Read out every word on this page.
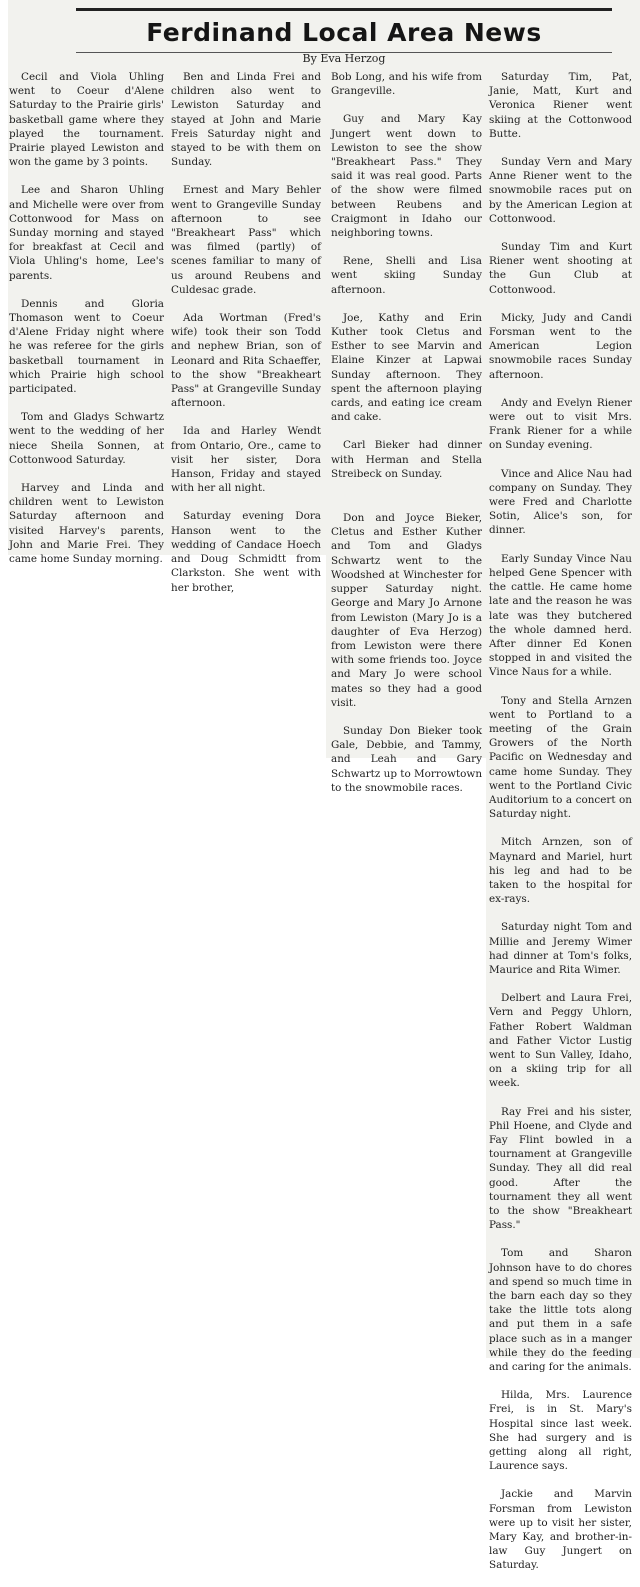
Ferdinand Local Area News
By Eva Herzog

Cecil and Viola Uhling went to Coeur d'Alene Saturday to the Prairie girls' basketball game where they played the tournament. Prairie played Lewiston and won the game by 3 points.

Lee and Sharon Uhling and Michelle were over from Cottonwood for Mass on Sunday morning and stayed for breakfast at Cecil and Viola Uhling's home, Lee's parents.

Dennis and Gloria Thomason went to Coeur d'Alene Friday night where he was referee for the girls basketball tournament in which Prairie high school participated.

Tom and Gladys Schwartz went to the wedding of her niece Sheila Sonnen, at Cottonwood Saturday.

Harvey and Linda and children went to Lewiston Saturday afternoon and visited Harvey's parents, John and Marie Frei. They came home Sunday morning.

Ben and Linda Frei and children also went to Lewiston Saturday and stayed at John and Marie Freis Saturday night and stayed to be with them on Sunday.

Ernest and Mary Behler went to Grangeville Sunday afternoon to see "Breakheart Pass" which was filmed (partly) of scenes familiar to many of us around Reubens and Culdesac grade.

Ada Wortman (Fred's wife) took their son Todd and nephew Brian, son of Leonard and Rita Schaeffer, to the show "Breakheart Pass" at Grangeville Sunday afternoon.

Ida and Harley Wendt from Ontario, Ore., came to visit her sister, Dora Hanson, Friday and stayed with her all night.

Saturday evening Dora Hanson went to the wedding of Candace Hoech and Doug Schmidtt from Clarkston. She went with her brother,

Bob Long, and his wife from Grangeville.

Guy and Mary Kay Jungert went down to Lewiston to see the show "Breakheart Pass." They said it was real good. Parts of the show were filmed between Reubens and Craigmont in Idaho our neighboring towns.

Rene, Shelli and Lisa went skiing Sunday afternoon.

Joe, Kathy and Erin Kuther took Cletus and Esther to see Marvin and Elaine Kinzer at Lapwai Sunday afternoon. They spent the afternoon playing cards, and eating ice cream and cake.

Carl Bieker had dinner with Herman and Stella Streibeck on Sunday.

Don and Joyce Bieker, Cletus and Esther Kuther and Tom and Gladys Schwartz went to the Woodshed at Winchester for supper Saturday night. George and Mary Jo Arnone from Lewiston (Mary Jo is a daughter of Eva Herzog) from Lewiston were there with some friends too. Joyce and Mary Jo were school mates so they had a good visit.

Sunday Don Bieker took Gale, Debbie, and Tammy, and Leah and Gary Schwartz up to Morrowtown to the snowmobile races.

Saturday Tim, Pat, Janie, Matt, Kurt and Veronica Riener went skiing at the Cottonwood Butte.

Sunday Vern and Mary Anne Riener went to the snowmobile races put on by the American Legion at Cottonwood.

Sunday Tim and Kurt Riener went shooting at the Gun Club at Cottonwood.

Micky, Judy and Candi Forsman went to the American Legion snowmobile races Sunday afternoon.

Andy and Evelyn Riener were out to visit Mrs. Frank Riener for a while on Sunday evening.

Vince and Alice Nau had company on Sunday. They were Fred and Charlotte Sotin, Alice's son, for dinner.

Early Sunday Vince Nau helped Gene Spencer with the cattle. He came home late and the reason he was late was they butchered the whole damned herd. After dinner Ed Konen stopped in and visited the Vince Naus for a while.

Tony and Stella Arnzen went to Portland to a meeting of the Grain Growers of the North Pacific on Wednesday and came home Sunday. They went to the Portland Civic Auditorium to a concert on Saturday night.

Mitch Arnzen, son of Maynard and Mariel, hurt his leg and had to be taken to the hospital for ex-rays.

Saturday night Tom and Millie and Jeremy Wimer had dinner at Tom's folks, Maurice and Rita Wimer.

Delbert and Laura Frei, Vern and Peggy Uhlorn, Father Robert Waldman and Father Victor Lustig went to Sun Valley, Idaho, on a skiing trip for all week.

Ray Frei and his sister, Phil Hoene, and Clyde and Fay Flint bowled in a tournament at Grangeville Sunday. They all did real good. After the tournament they all went to the show "Breakheart Pass."

Tom and Sharon Johnson have to do chores and spend so much time in the barn each day so they take the little tots along and put them in a safe place such as in a manger while they do the feeding and caring for the animals.

Hilda, Mrs. Laurence Frei, is in St. Mary's Hospital since last week. She had surgery and is getting along all right, Laurence says.

Jackie and Marvin Forsman from Lewiston were up to visit her sister, Mary Kay, and brother-in-law Guy Jungert on Saturday.
